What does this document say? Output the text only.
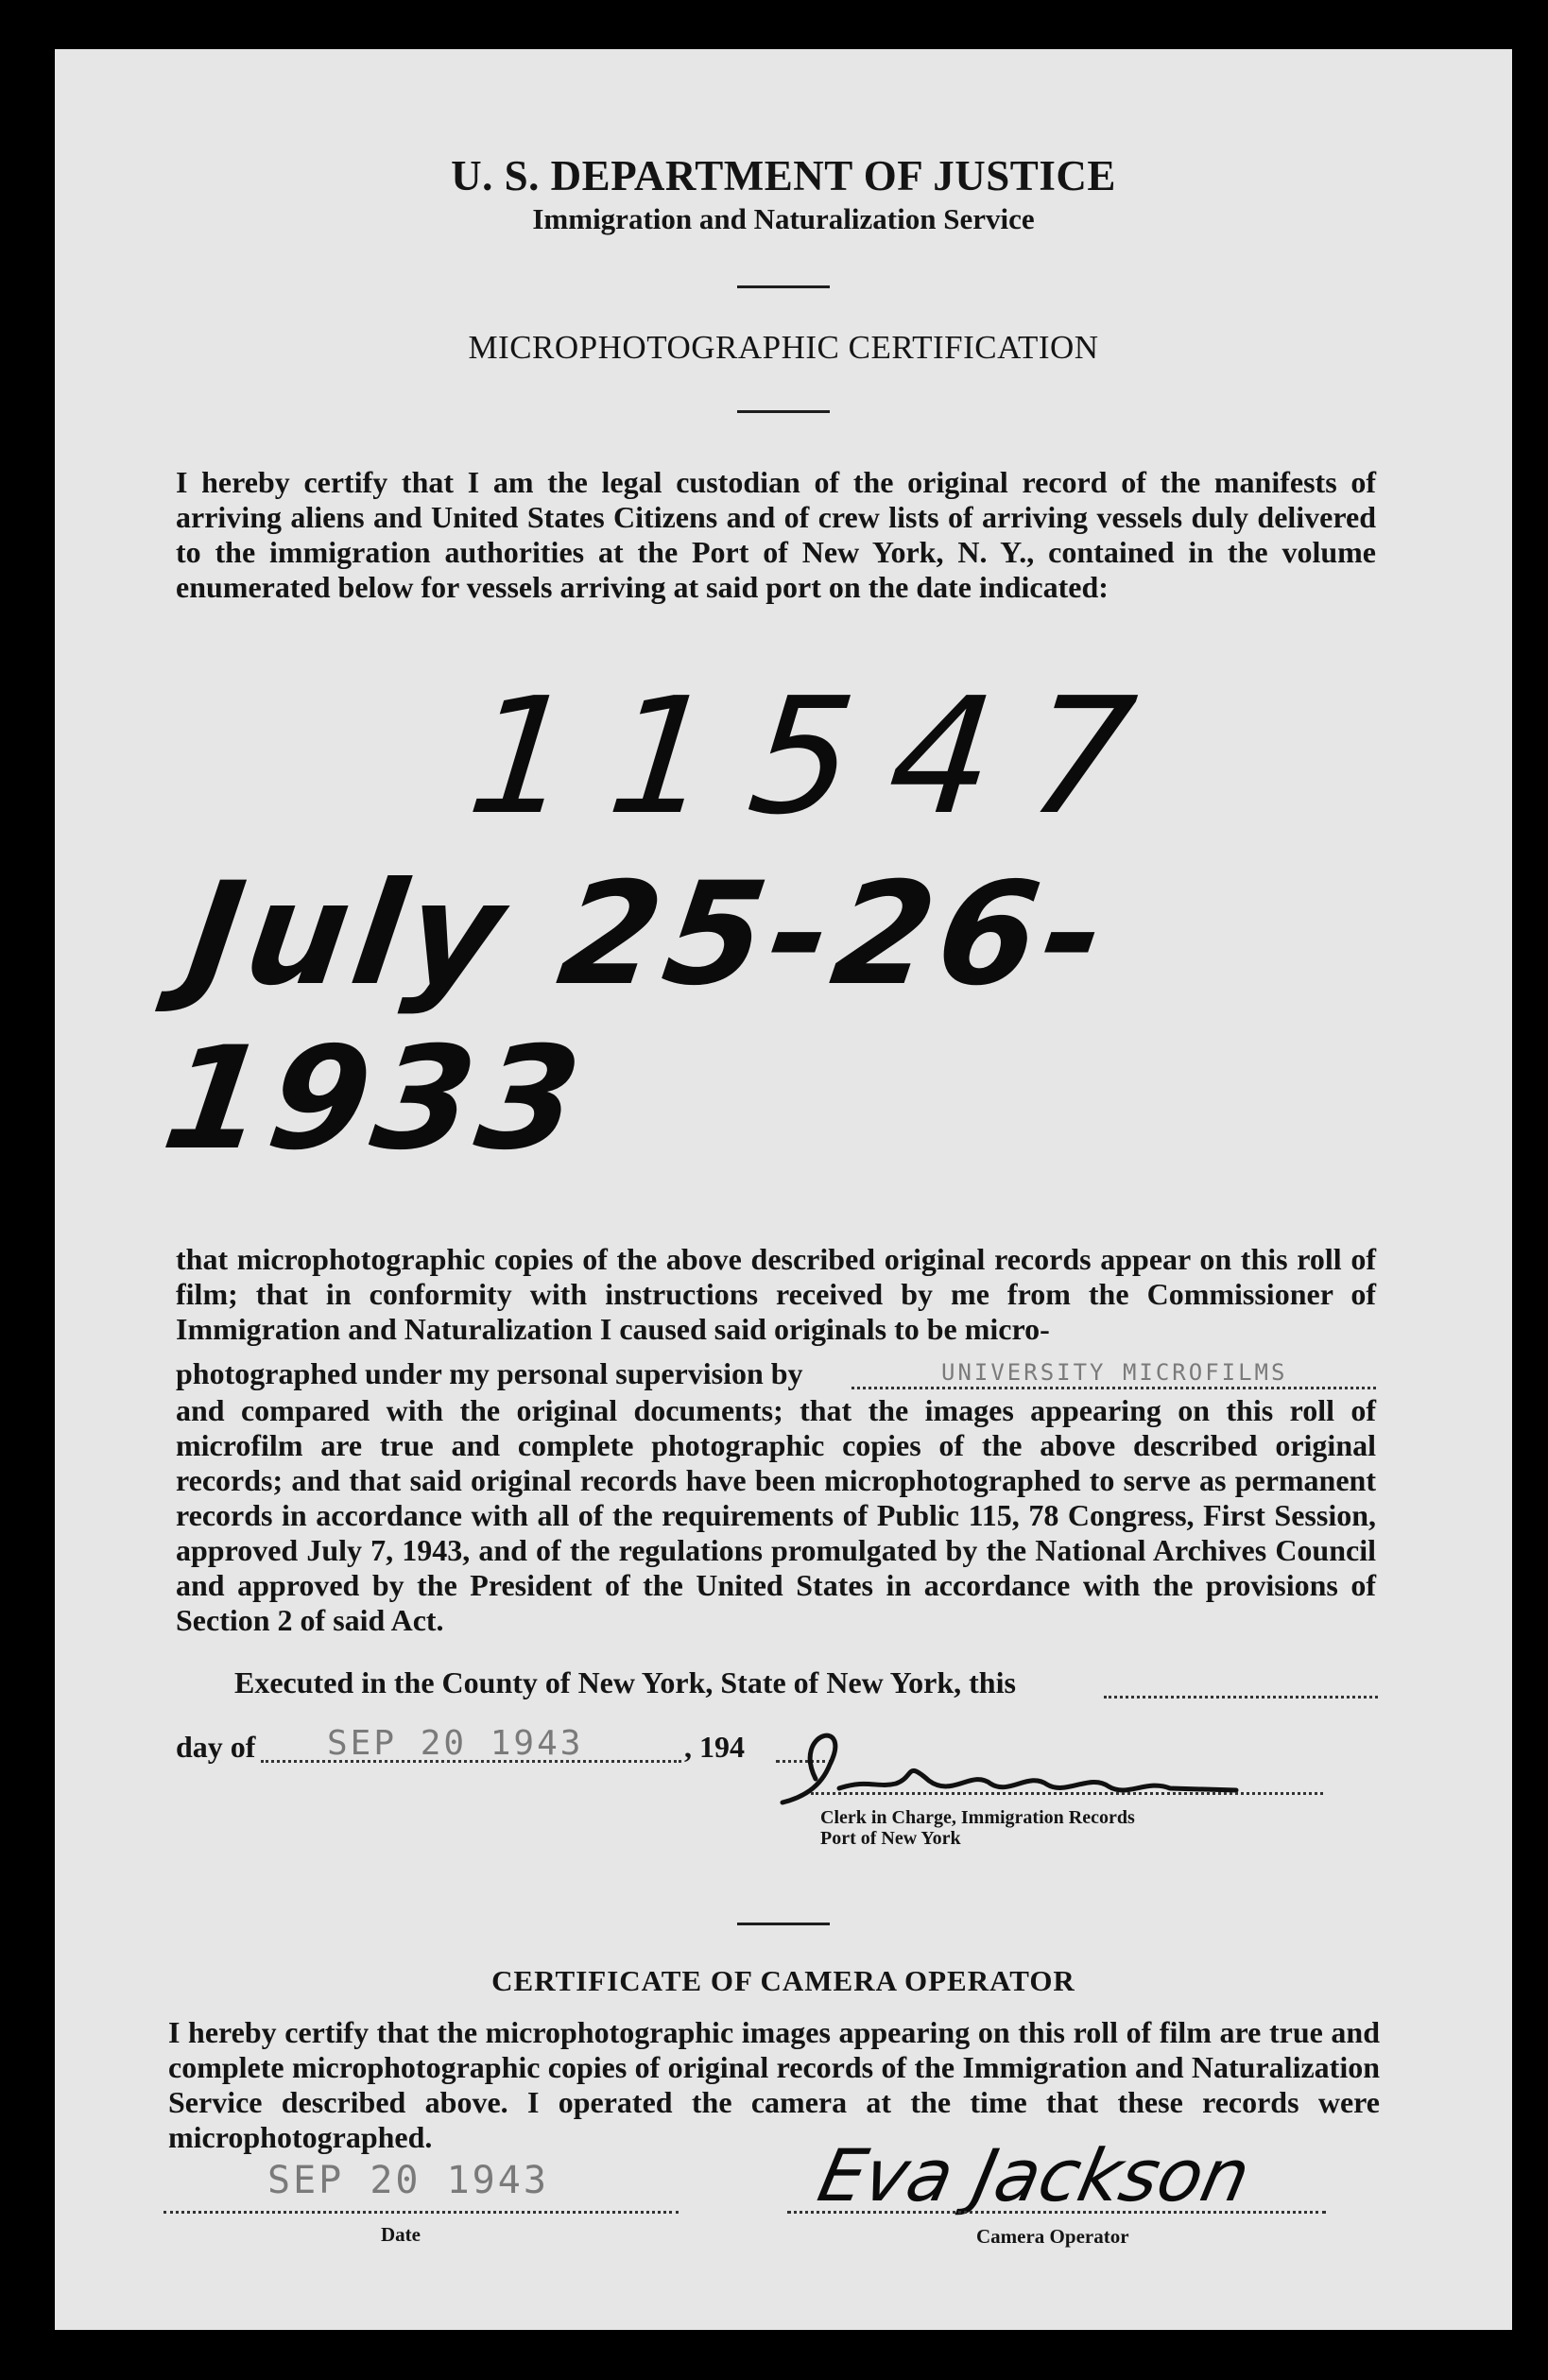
U. S. DEPARTMENT OF JUSTICE
Immigration and Naturalization Service
MICROPHOTOGRAPHIC CERTIFICATION
I hereby certify that I am the legal custodian of the original record of the manifests of arriving aliens and United States Citizens and of crew lists of arriving vessels duly delivered to the immigration authorities at the Port of New York, N. Y., contained in the volume enumerated below for vessels arriving at said port on the date indicated:
11547
July 25-26-1933
that microphotographic copies of the above described original records appear on this roll of film; that in conformity with instructions received by me from the Commissioner of Immigration and Naturalization I caused said originals to be micro-
photographed under my personal supervision by	UNIVERSITY MICROFILMS
and compared with the original documents; that the images appearing on this roll of microfilm are true and complete photographic copies of the above described original records; and that said original records have been microphotographed to serve as permanent records in accordance with all of the requirements of Public 115, 78 Congress, First Session, approved July 7, 1943, and of the regulations promulgated by the National Archives Council and approved by the President of the United States in accordance with the provisions of Section 2 of said Act.
Executed in the County of New York, State of New York, this
day of SEP 20 1943	, 194
Clerk in Charge, Immigration Records
Port of New York
CERTIFICATE OF CAMERA OPERATOR
I hereby certify that the microphotographic images appearing on this roll of film are true and complete microphotographic copies of original records of the Immigration and Naturalization Service described above. I operated the camera at the time that these records were microphotographed.
SEP 20 1943
Date
Eva Jackson
Camera Operator
